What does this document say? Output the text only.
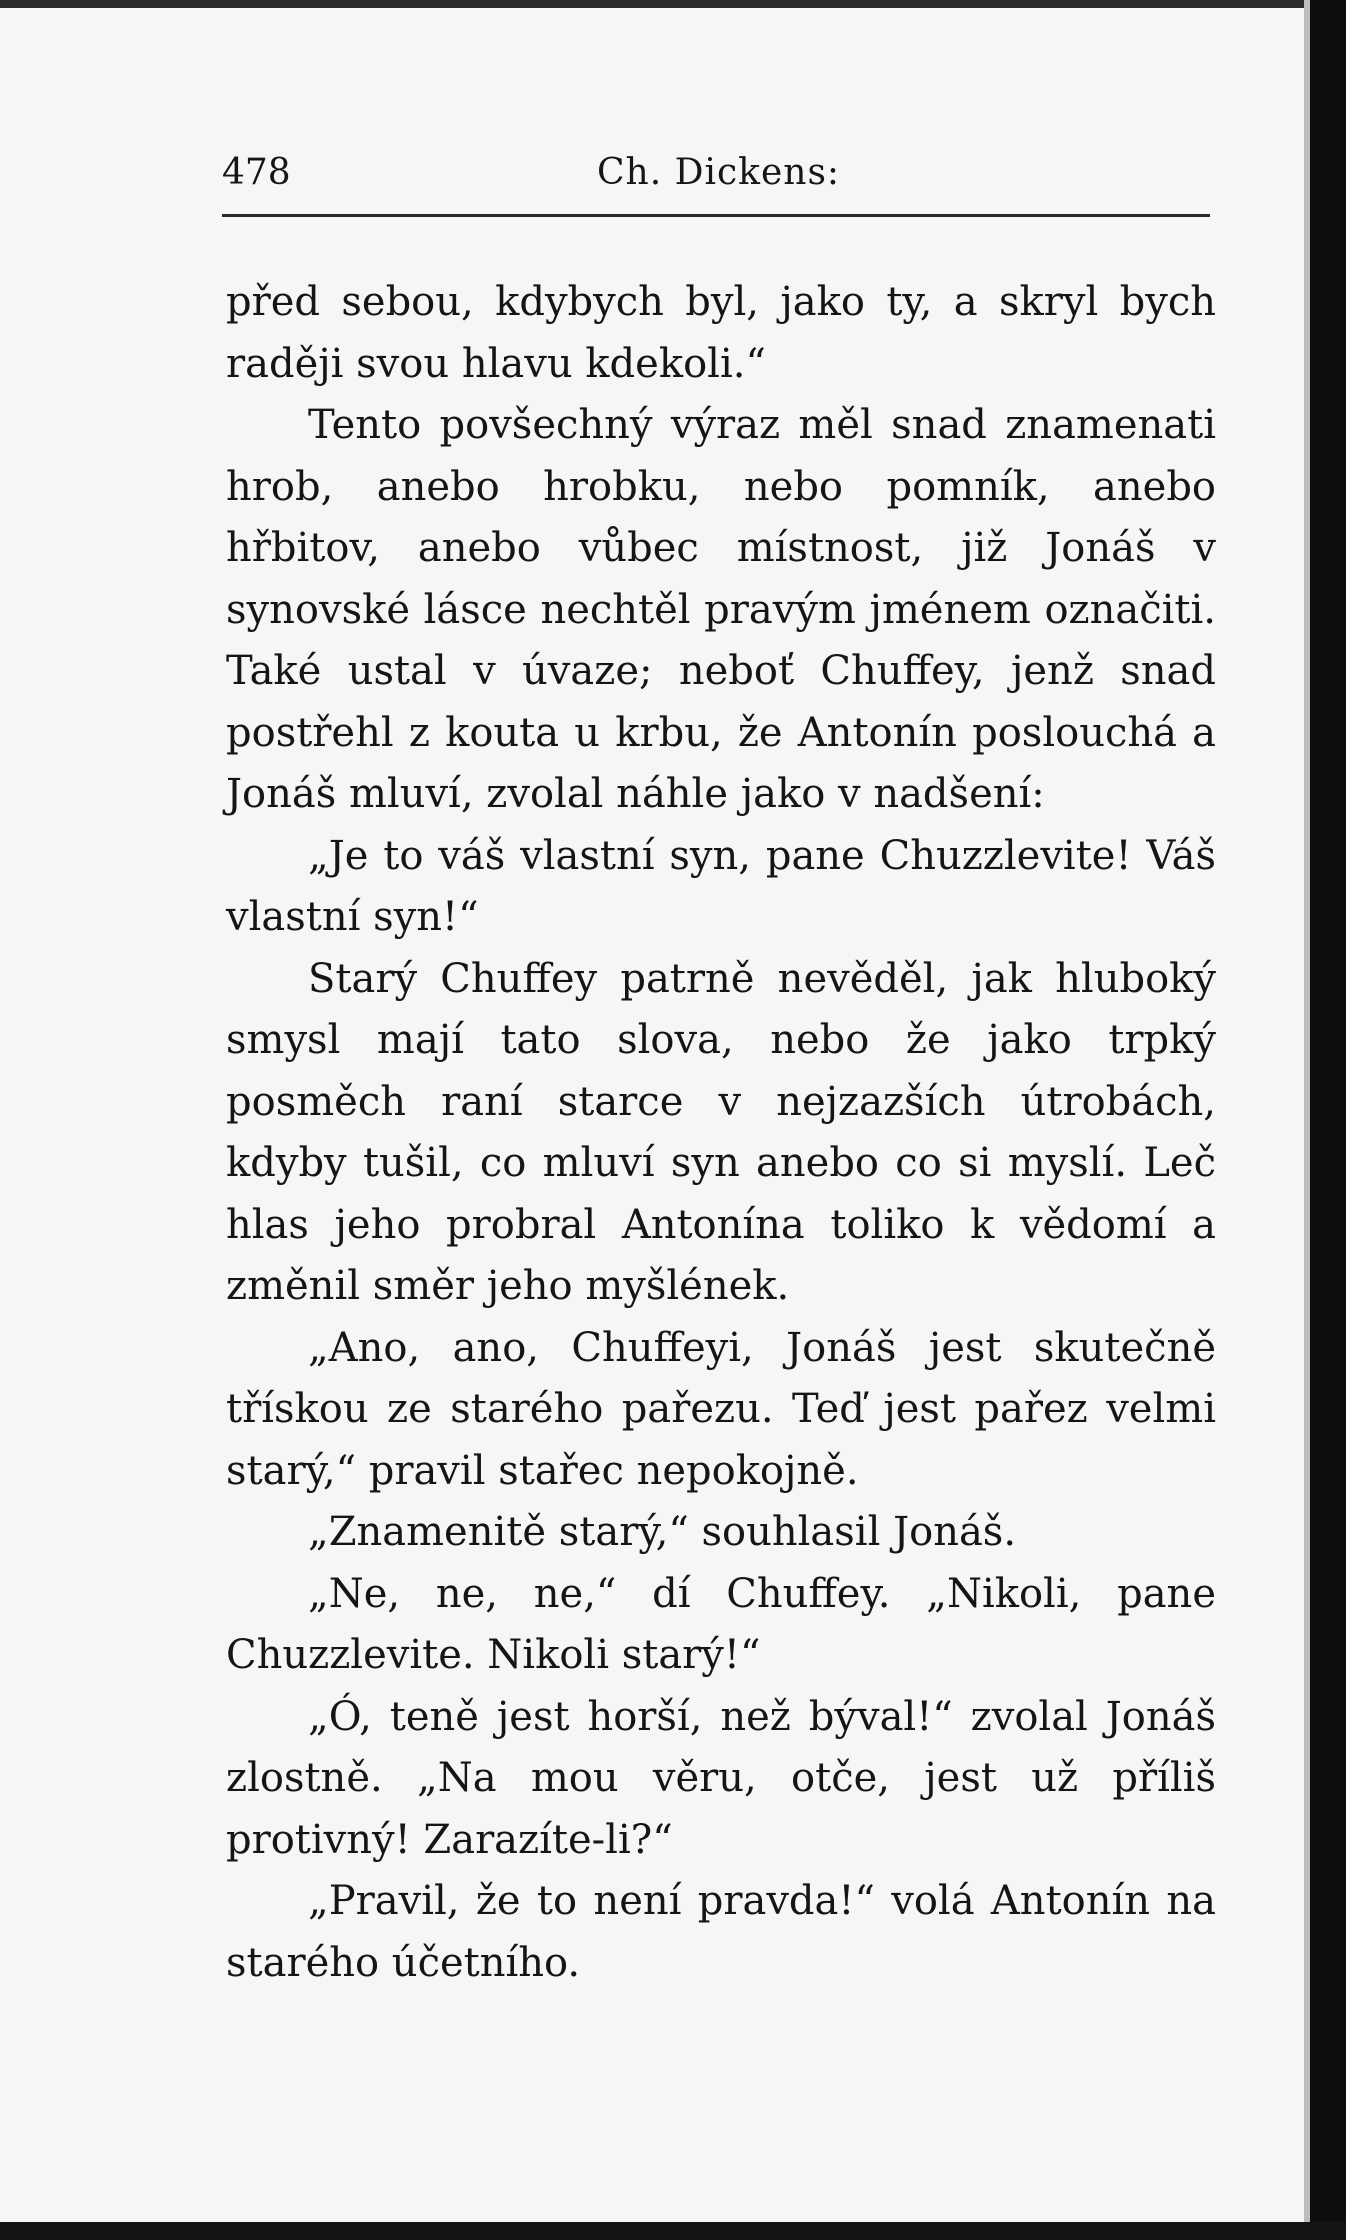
478	Ch. Dickens:

před sebou, kdybych byl, jako ty, a skryl bych raději svou hlavu kdekoli.“

Tento povšechný výraz měl snad znamenati hrob, anebo hrobku, nebo pomník, anebo hřbitov, anebo vůbec místnost, již Jonáš v synovské lásce nechtěl pravým jménem označiti. Také ustal v úvaze; neboť Chuffey, jenž snad postřehl z kouta u krbu, že Antonín poslouchá a Jonáš mluví, zvolal náhle jako v nadšení:

„Je to váš vlastní syn, pane Chuzzlevite! Váš vlastní syn!“

Starý Chuffey patrně nevěděl, jak hluboký smysl mají tato slova, nebo že jako trpký posměch raní starce v nejzazších útrobách, kdyby tušil, co mluví syn anebo co si myslí. Leč hlas jeho probral Antonína toliko k vědomí a změnil směr jeho myšlének.

„Ano, ano, Chuffeyi, Jonáš jest skutečně třískou ze starého pařezu. Teď jest pařez velmi starý,“ pravil stařec nepokojně.

„Znamenitě starý,“ souhlasil Jonáš.

„Ne, ne, ne,“ dí Chuffey. „Nikoli, pane Chuzzlevite. Nikoli starý!“

„Ó, teně jest horší, než býval!“ zvolal Jonáš zlostně. „Na mou věru, otče, jest už příliš protivný! Zarazíte-li?“

„Pravil, že to není pravda!“ volá Antonín na starého účetního.
